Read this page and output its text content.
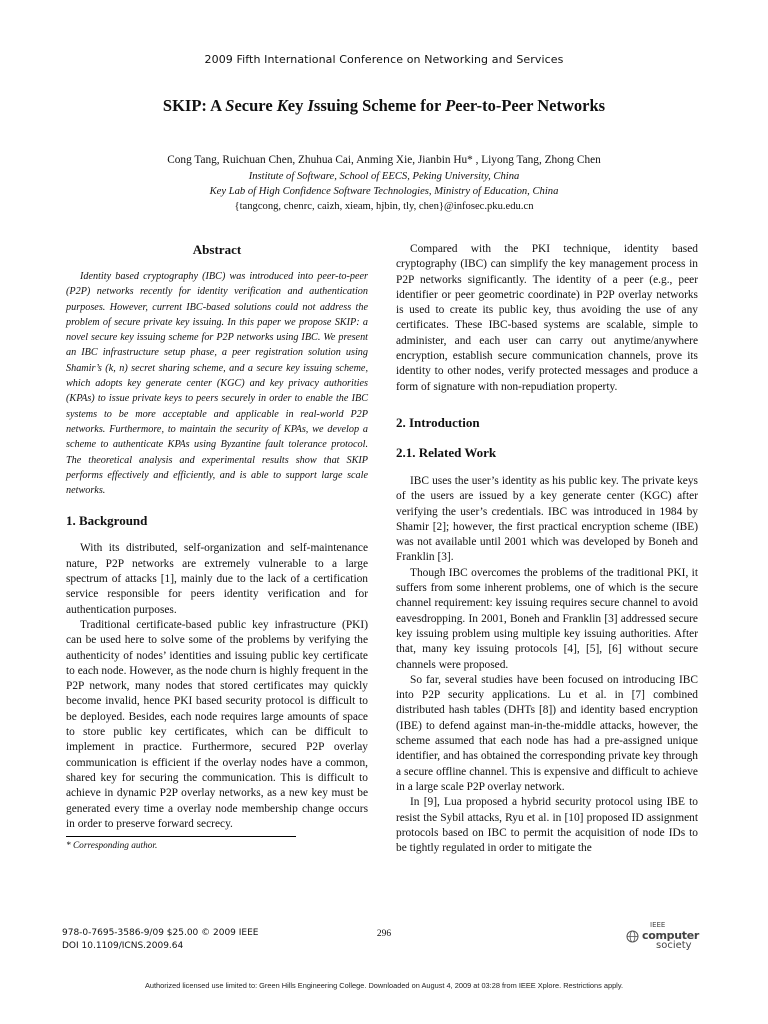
2009 Fifth International Conference on Networking and Services
SKIP: A Secure Key Issuing Scheme for Peer-to-Peer Networks
Cong Tang, Ruichuan Chen, Zhuhua Cai, Anming Xie, Jianbin Hu* , Liyong Tang, Zhong Chen
Institute of Software, School of EECS, Peking University, China
Key Lab of High Confidence Software Technologies, Ministry of Education, China
{tangcong, chenrc, caizh, xieam, hjbin, tly, chen}@infosec.pku.edu.cn
Abstract

Identity based cryptography (IBC) was introduced into peer-to-peer (P2P) networks recently for identity verification and authentication purposes. However, current IBC-based solutions could not address the problem of secure private key issuing. In this paper we propose SKIP: a novel secure key issuing scheme for P2P networks using IBC. We present an IBC infrastructure setup phase, a peer registration solution using Shamir’s (k, n) secret sharing scheme, and a secure key issuing scheme, which adopts key generate center (KGC) and key privacy authorities (KPAs) to issue private keys to peers securely in order to enable the IBC systems to be more acceptable and applicable in real-world P2P networks. Furthermore, to maintain the security of KPAs, we develop a scheme to authenticate KPAs using Byzantine fault tolerance protocol. The theoretical analysis and experimental results show that SKIP performs effectively and efficiently, and is able to support large scale networks.

1. Background

With its distributed, self-organization and self-maintenance nature, P2P networks are extremely vulnerable to a large spectrum of attacks [1], mainly due to the lack of a certification service responsible for peers identity verification and for authentication purposes.

Traditional certificate-based public key infrastructure (PKI) can be used here to solve some of the problems by verifying the authenticity of nodes’ identities and issuing public key certificate to each node. However, as the node churn is highly frequent in the P2P network, many nodes that stored certificates may quickly become invalid, hence PKI based security protocol is difficult to be deployed. Besides, each node requires large amounts of space to store public key certificates, which can be difficult to implement in practice. Furthermore, secured P2P overlay communication is efficient if the overlay nodes have a common, shared key for securing the communication. This is difficult to achieve in dynamic P2P overlay networks, as a new key must be generated every time a overlay node membership change occurs in order to preserve forward secrecy.

* Corresponding author.

Compared with the PKI technique, identity based cryptography (IBC) can simplify the key management process in P2P networks significantly. The identity of a peer (e.g., peer identifier or peer geometric coordinate) in P2P overlay networks is used to create its public key, thus avoiding the use of any certificates. These IBC-based systems are scalable, simple to administer, and each user can carry out anytime/anywhere encryption, establish secure communication channels, prove its identity to other nodes, verify protected messages and produce a form of signature with non-repudiation property.

2. Introduction
2.1. Related Work

IBC uses the user’s identity as his public key. The private keys of the users are issued by a key generate center (KGC) after verifying the user’s credentials. IBC was introduced in 1984 by Shamir [2]; however, the first practical encryption scheme (IBE) was not available until 2001 which was developed by Boneh and Franklin [3].

Though IBC overcomes the problems of the traditional PKI, it suffers from some inherent problems, one of which is the secure channel requirement: key issuing requires secure channel to avoid eavesdropping. In 2001, Boneh and Franklin [3] addressed secure key issuing problem using multiple key issuing authorities. After that, many key issuing protocols [4], [5], [6] without secure channels were proposed.

So far, several studies have been focused on introducing IBC into P2P security applications. Lu et al. in [7] combined distributed hash tables (DHTs [8]) and identity based encryption (IBE) to defend against man-in-the-middle attacks, however, the scheme assumed that each node has had a pre-assigned unique identifier, and has obtained the corresponding private key through a secure offline channel. This is expensive and difficult to achieve in a large scale P2P overlay network.

In [9], Lua proposed a hybrid security protocol using IBE to resist the Sybil attacks, Ryu et al. in [10] proposed ID assignment protocols based on IBC to permit the acquisition of node IDs to be tightly regulated in order to mitigate the

978-0-7695-3586-9/09 $25.00 © 2009 IEEE
DOI 10.1109/ICNS.2009.64
296
IEEE
computer
society
Authorized licensed use limited to: Green Hills Engineering College. Downloaded on August 4, 2009 at 03:28 from IEEE Xplore. Restrictions apply.
